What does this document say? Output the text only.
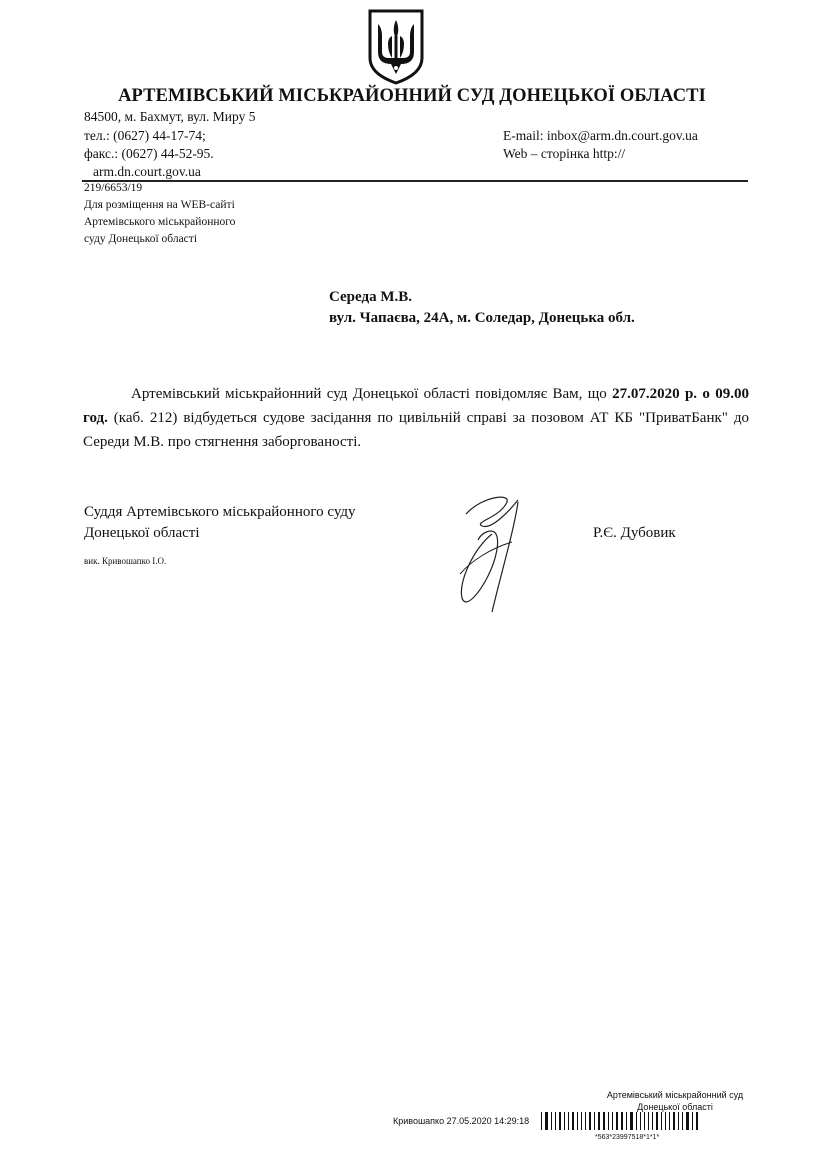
АРТЕМІВСЬКИЙ МІСЬКРАЙОННИЙ СУД ДОНЕЦЬКОЇ ОБЛАСТІ
84500, м. Бахмут, вул. Миру 5
тел.: (0627) 44-17-74;
факс.: (0627) 44-52-95.
arm.dn.court.gov.ua
E-mail: inbox@arm.dn.court.gov.ua
Web – сторінка http://
219/6653/19
Для розміщення на WEB-сайті
Артемівського міськрайонного
суду Донецької області
Середа М.В.
вул. Чапаєва, 24А, м. Соледар, Донецька обл.
Артемівський міськрайонний суд Донецької області повідомляє Вам, що 27.07.2020 р. о 09.00 год. (каб. 212) відбудеться судове засідання по цивільній справі за позовом АТ КБ "ПриватБанк" до Середи М.В. про стягнення заборгованості.
Суддя Артемівського міськрайонного суду
Донецької області	Р.Є. Дубовик
вик. Кривошапко І.О.
Артемівський міськрайонний суд
Донецької області
Кривошапко 27.05.2020 14:29:18
*563*23997518*1*1*
